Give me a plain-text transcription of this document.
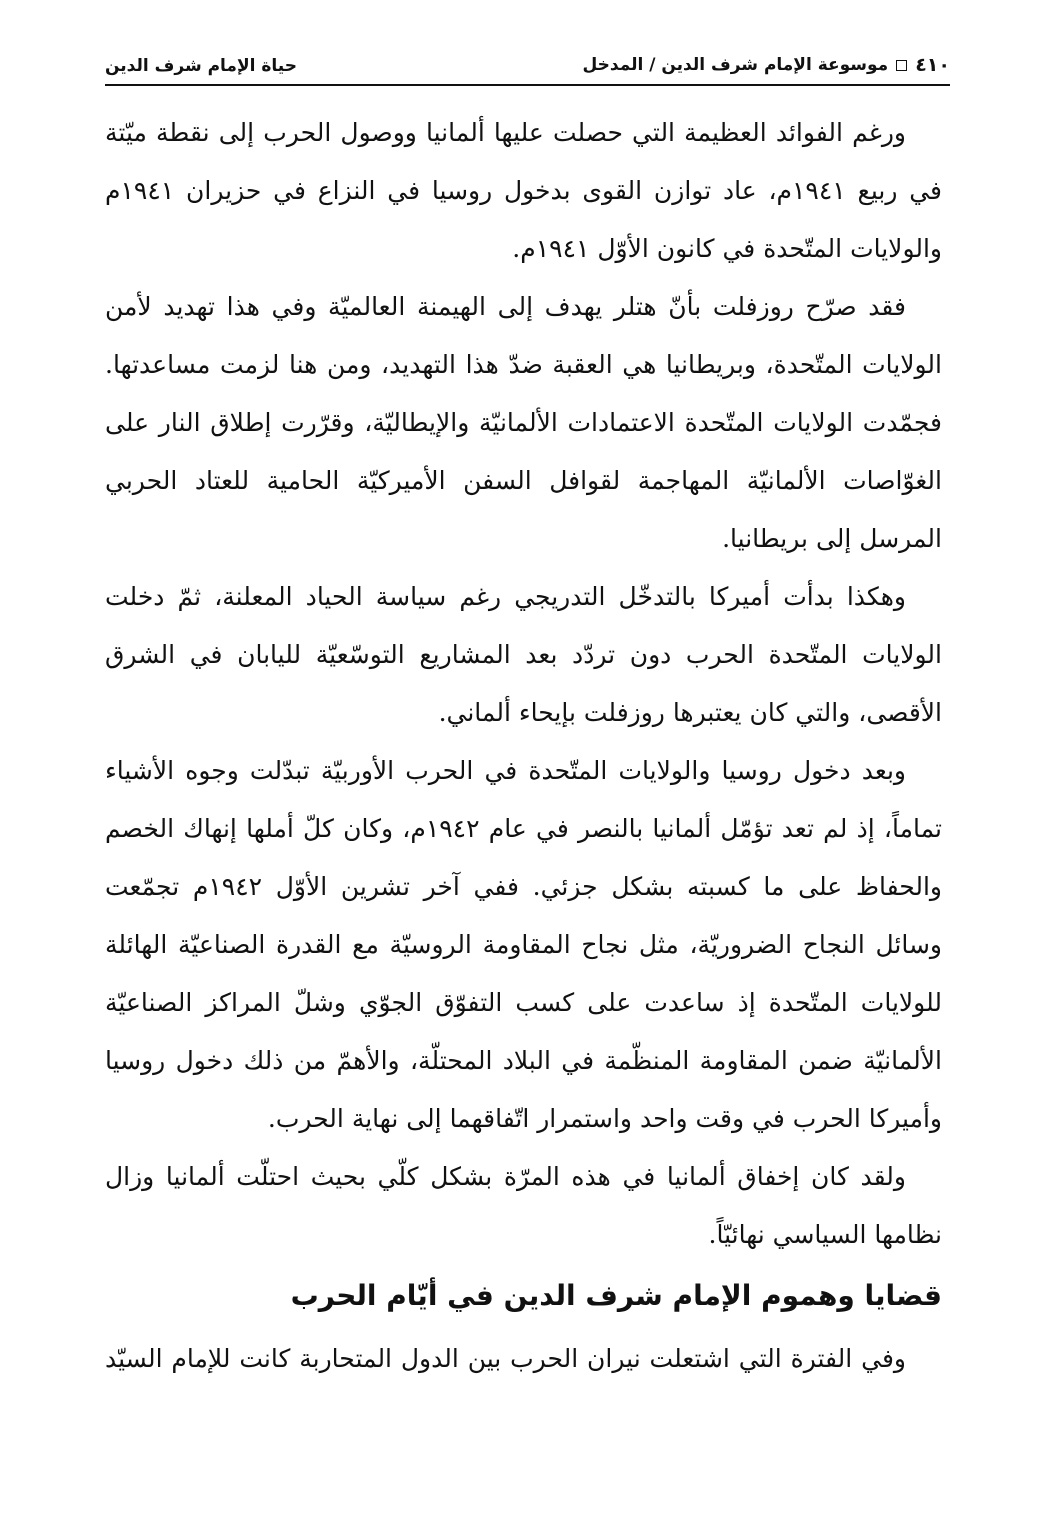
٤١٠
موسوعة الإمام شرف الدين / المدخل
حياة الإمام شرف الدين

ورغم الفوائد العظيمة التي حصلت عليها ألمانيا ووصول الحرب إلى نقطة ميّتة في ربيع ١٩٤١م، عاد توازن القوى بدخول روسيا في النزاع في حزيران ١٩٤١م والولايات المتّحدة في كانون الأوّل ١٩٤١م.

فقد صرّح روزفلت بأنّ هتلر يهدف إلى الهيمنة العالميّة وفي هذا تهديد لأمن الولايات المتّحدة، وبريطانيا هي العقبة ضدّ هذا التهديد، ومن هنا لزمت مساعدتها. فجمّدت الولايات المتّحدة الاعتمادات الألمانيّة والإيطاليّة، وقرّرت إطلاق النار على الغوّاصات الألمانيّة المهاجمة لقوافل السفن الأميركيّة الحامية للعتاد الحربي المرسل إلى بريطانيا.

وهكذا بدأت أميركا بالتدخّل التدريجي رغم سياسة الحياد المعلنة، ثمّ دخلت الولايات المتّحدة الحرب دون تردّد بعد المشاريع التوسّعيّة لليابان في الشرق الأقصى، والتي كان يعتبرها روزفلت بإيحاء ألماني.

وبعد دخول روسيا والولايات المتّحدة في الحرب الأوربيّة تبدّلت وجوه الأشياء تماماً، إذ لم تعد تؤمّل ألمانيا بالنصر في عام ١٩٤٢م، وكان كلّ أملها إنهاك الخصم والحفاظ على ما كسبته بشكل جزئي. ففي آخر تشرين الأوّل ١٩٤٢م تجمّعت وسائل النجاح الضروريّة، مثل نجاح المقاومة الروسيّة مع القدرة الصناعيّة الهائلة للولايات المتّحدة إذ ساعدت على كسب التفوّق الجوّي وشلّ المراكز الصناعيّة الألمانيّة ضمن المقاومة المنظّمة في البلاد المحتلّة، والأهمّ من ذلك دخول روسيا وأميركا الحرب في وقت واحد واستمرار اتّفاقهما إلى نهاية الحرب.

ولقد كان إخفاق ألمانيا في هذه المرّة بشكل كلّي بحيث احتلّت ألمانيا وزال نظامها السياسي نهائيّاً.

قضايا وهموم الإمام شرف الدين في أيّام الحرب

وفي الفترة التي اشتعلت نيران الحرب بين الدول المتحاربة كانت للإمام السيّد
